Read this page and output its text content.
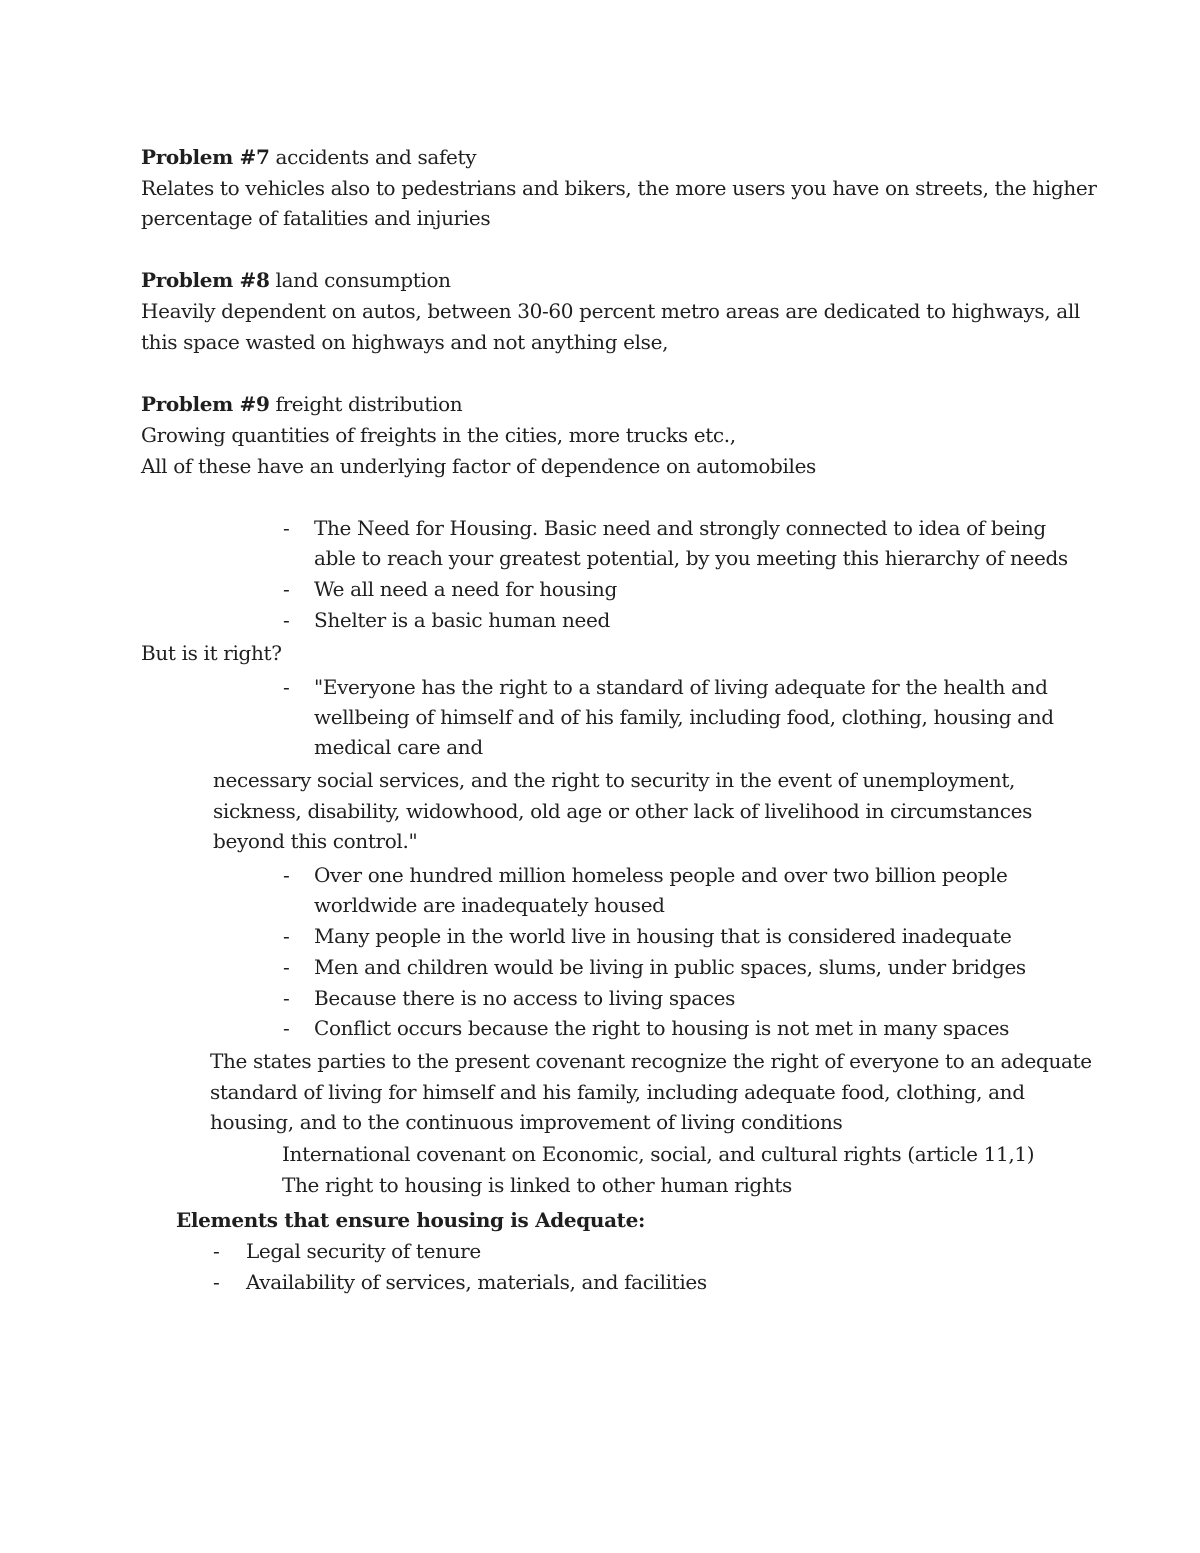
Problem #7 accidents and safety
Relates to vehicles also to pedestrians and bikers, the more users you have on streets, the higher
percentage of fatalities and injuries
Problem #8 land consumption
Heavily dependent on autos, between 30-60 percent metro areas are dedicated to highways, all
this space wasted on highways and not anything else,
Problem #9 freight distribution
Growing quantities of freights in the cities, more trucks etc.,
All of these have an underlying factor of dependence on automobiles
- The Need for Housing. Basic need and strongly connected to idea of being
able to reach your greatest potential, by you meeting this hierarchy of needs
- We all need a need for housing
- Shelter is a basic human need
But is it right?
- "Everyone has the right to a standard of living adequate for the health and
wellbeing of himself and of his family, including food, clothing, housing and
medical care and
necessary social services, and the right to security in the event of unemployment,
sickness, disability, widowhood, old age or other lack of livelihood in circumstances
beyond this control."
- Over one hundred million homeless people and over two billion people
worldwide are inadequately housed
- Many people in the world live in housing that is considered inadequate
- Men and children would be living in public spaces, slums, under bridges
- Because there is no access to living spaces
- Conflict occurs because the right to housing is not met in many spaces
The states parties to the present covenant recognize the right of everyone to an adequate
standard of living for himself and his family, including adequate food, clothing, and
housing, and to the continuous improvement of living conditions
International covenant on Economic, social, and cultural rights (article 11,1)
The right to housing is linked to other human rights
Elements that ensure housing is Adequate:
- Legal security of tenure
- Availability of services, materials, and facilities
